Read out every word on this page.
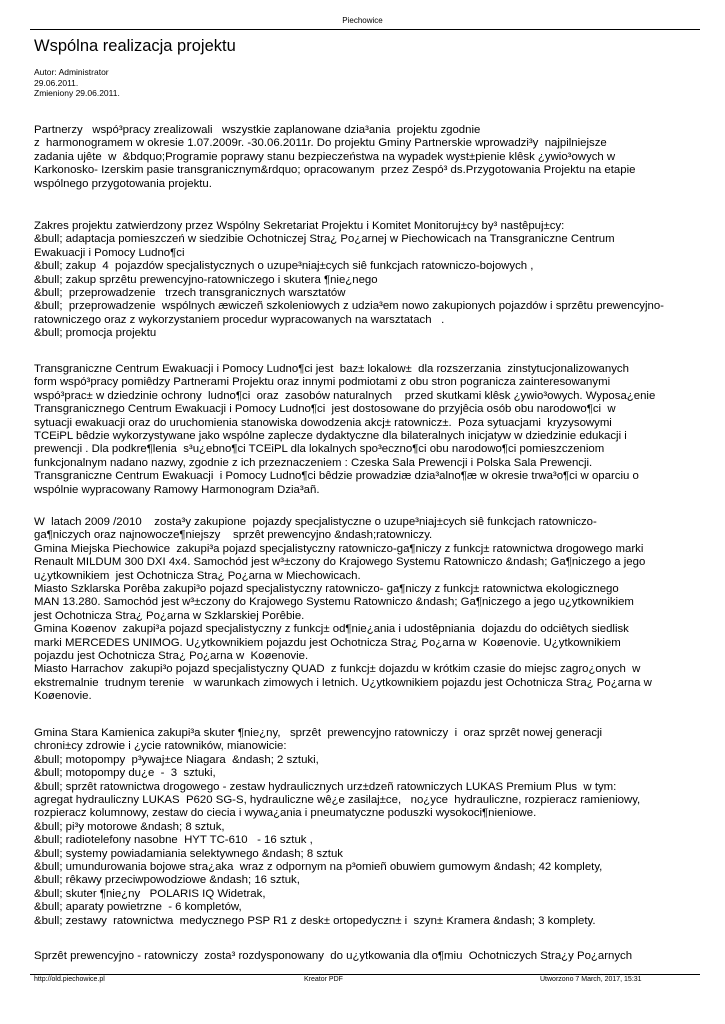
Piechowice
Wspólna realizacja projektu
Autor: Administrator
29.06.2011.
Zmieniony 29.06.2011.

Partnerzy   wspó³pracy zrealizowali   wszystkie zaplanowane dzia³ania  projektu zgodnie
z  harmonogramem w okresie 1.07.2009r. -30.06.2011r. Do projektu Gminy Partnerskie wprowadzi³y  najpilniejsze
zadania ujête  w  &bdquo;Programie poprawy stanu bezpieczeństwa na wypadek wyst±pienie klêsk ¿ywio³owych w
Karkonosko- Izerskim pasie transgranicznym&rdquo; opracowanym  przez Zespó³ ds.Przygotowania Projektu na etapie
wspólnego przygotowania projektu.

Zakres projektu zatwierdzony przez Wspólny Sekretariat Projektu i Komitet Monitoruj±cy by³ nastêpuj±cy:
&bull; adaptacja pomieszczeń w siedzibie Ochotniczej Stra¿ Po¿arnej w Piechowicach na Transgraniczne Centrum
Ewakuacji i Pomocy Ludno¶ci
&bull; zakup  4  pojazdów specjalistycznych o uzupe³niaj±cych siê funkcjach ratowniczo-bojowych ,
&bull; zakup sprzêtu prewencyjno-ratowniczego i skutera ¶nie¿nego
&bull;  przeprowadzenie   trzech transgranicznych warsztatów
&bull;  przeprowadzenie  wspólnych æwiczeñ szkoleniowych z udzia³em nowo zakupionych pojazdów i sprzêtu prewencyjno-
ratowniczego oraz z wykorzystaniem procedur wypracowanych na warsztatach   .
&bull; promocja projektu

Transgraniczne Centrum Ewakuacji i Pomocy Ludno¶ci jest  baz± lokalow±  dla rozszerzania  zinstytucjonalizowanych
form wspó³pracy pomiêdzy Partnerami Projektu oraz innymi podmiotami z obu stron pogranicza zainteresowanymi
wspó³prac± w dziedzinie ochrony  ludno¶ci  oraz  zasobów naturalnych    przed skutkami klêsk ¿ywio³owych. Wyposa¿enie
Transgranicznego Centrum Ewakuacji i Pomocy Ludno¶ci  jest dostosowane do przyjêcia osób obu narodowo¶ci  w
sytuacji ewakuacji oraz do uruchomienia stanowiska dowodzenia akcj± ratownicz±.  Poza sytuacjami  kryzysowymi
TCEiPL bêdzie wykorzystywane jako wspólne zaplecze dydaktyczne dla bilateralnych inicjatyw w dziedzinie edukacji i
prewencji . Dla podkre¶lenia  s³u¿ebno¶ci TCEiPL dla lokalnych spo³eczno¶ci obu narodowo¶ci pomieszczeniom
funkcjonalnym nadano nazwy, zgodnie z ich przeznaczeniem : Czeska Sala Prewencji i Polska Sala Prewencji.
Transgraniczne Centrum Ewakuacji  i Pomocy Ludno¶ci bêdzie prowadziæ dzia³alno¶æ w okresie trwa³o¶ci w oparciu o
wspólnie wypracowany Ramowy Harmonogram Dzia³añ.

W  latach 2009 /2010    zosta³y zakupione  pojazdy specjalistyczne o uzupe³niaj±cych siê funkcjach ratowniczo-
ga¶niczych oraz najnowocze¶niejszy    sprzêt prewencyjno &ndash;ratowniczy.
Gmina Miejska Piechowice  zakupi³a pojazd specjalistyczny ratowniczo-ga¶niczy z funkcj± ratownictwa drogowego marki
Renault MILDUM 300 DXI 4x4. Samochód jest w³±czony do Krajowego Systemu Ratowniczo &ndash; Ga¶niczego a jego
u¿ytkownikiem  jest Ochotnicza Stra¿ Po¿arna w Miechowicach.
Miasto Szklarska Porêba zakupi³o pojazd specjalistyczny ratowniczo- ga¶niczy z funkcj± ratownictwa ekologicznego
MAN 13.280. Samochód jest w³±czony do Krajowego Systemu Ratowniczo &ndash; Ga¶niczego a jego u¿ytkownikiem
jest Ochotnicza Stra¿ Po¿arna w Szklarskiej Porêbie.
Gmina Koøenov  zakupi³a pojazd specjalistyczny z funkcj± od¶nie¿ania i udostêpniania  dojazdu do odciêtych siedlisk
marki MERCEDES UNIMOG. U¿ytkownikiem pojazdu jest Ochotnicza Stra¿ Po¿arna w  Koøenovie. U¿ytkownikiem
pojazdu jest Ochotnicza Stra¿ Po¿arna w  Koøenovie.
Miasto Harrachov  zakupi³o pojazd specjalistyczny QUAD  z funkcj± dojazdu w krótkim czasie do miejsc zagro¿onych  w
ekstremalnie  trudnym terenie   w warunkach zimowych i letnich. U¿ytkownikiem pojazdu jest Ochotnicza Stra¿ Po¿arna w
Koøenovie.

Gmina Stara Kamienica zakupi³a skuter ¶nie¿ny,   sprzêt  prewencyjno ratowniczy  i  oraz sprzêt nowej generacji
chroni±cy zdrowie i ¿ycie ratowników, mianowicie:
&bull; motopompy  p³ywaj±ce Niagara  &ndash; 2 sztuki,
&bull; motopompy du¿e  -  3  sztuki,
&bull; sprzêt ratownictwa drogowego - zestaw hydraulicznych urz±dzeñ ratowniczych LUKAS Premium Plus  w tym:
agregat hydrauliczny LUKAS  P620 SG-S, hydrauliczne wê¿e zasilaj±ce,   no¿yce  hydrauliczne, rozpieracz ramieniowy,
rozpieracz kolumnowy, zestaw do ciecia i wywa¿ania i pneumatyczne poduszki wysokoci¶nieniowe.
&bull; pi³y motorowe &ndash; 8 sztuk,
&bull; radiotelefony nasobne  HYT TC-610   - 16 sztuk ,
&bull; systemy powiadamiania selektywnego &ndash; 8 sztuk
&bull; umundurowania bojowe stra¿aka  wraz z odpornym na p³omieñ obuwiem gumowym &ndash; 42 komplety,
&bull; rêkawy przeciwpowodziowe &ndash; 16 sztuk,
&bull; skuter ¶nie¿ny   POLARIS IQ Widetrak,
&bull; aparaty powietrzne  - 6 kompletów,
&bull; zestawy  ratownictwa  medycznego PSP R1 z desk± ortopedyczn± i  szyn± Kramera &ndash; 3 komplety.

Sprzêt prewencyjno - ratowniczy  zosta³ rozdysponowany  do u¿ytkowania dla o¶miu  Ochotniczych Stra¿y Po¿arnych

http://old.piechowice.pl	Kreator PDF	Utworzono 7 March, 2017, 15:31
